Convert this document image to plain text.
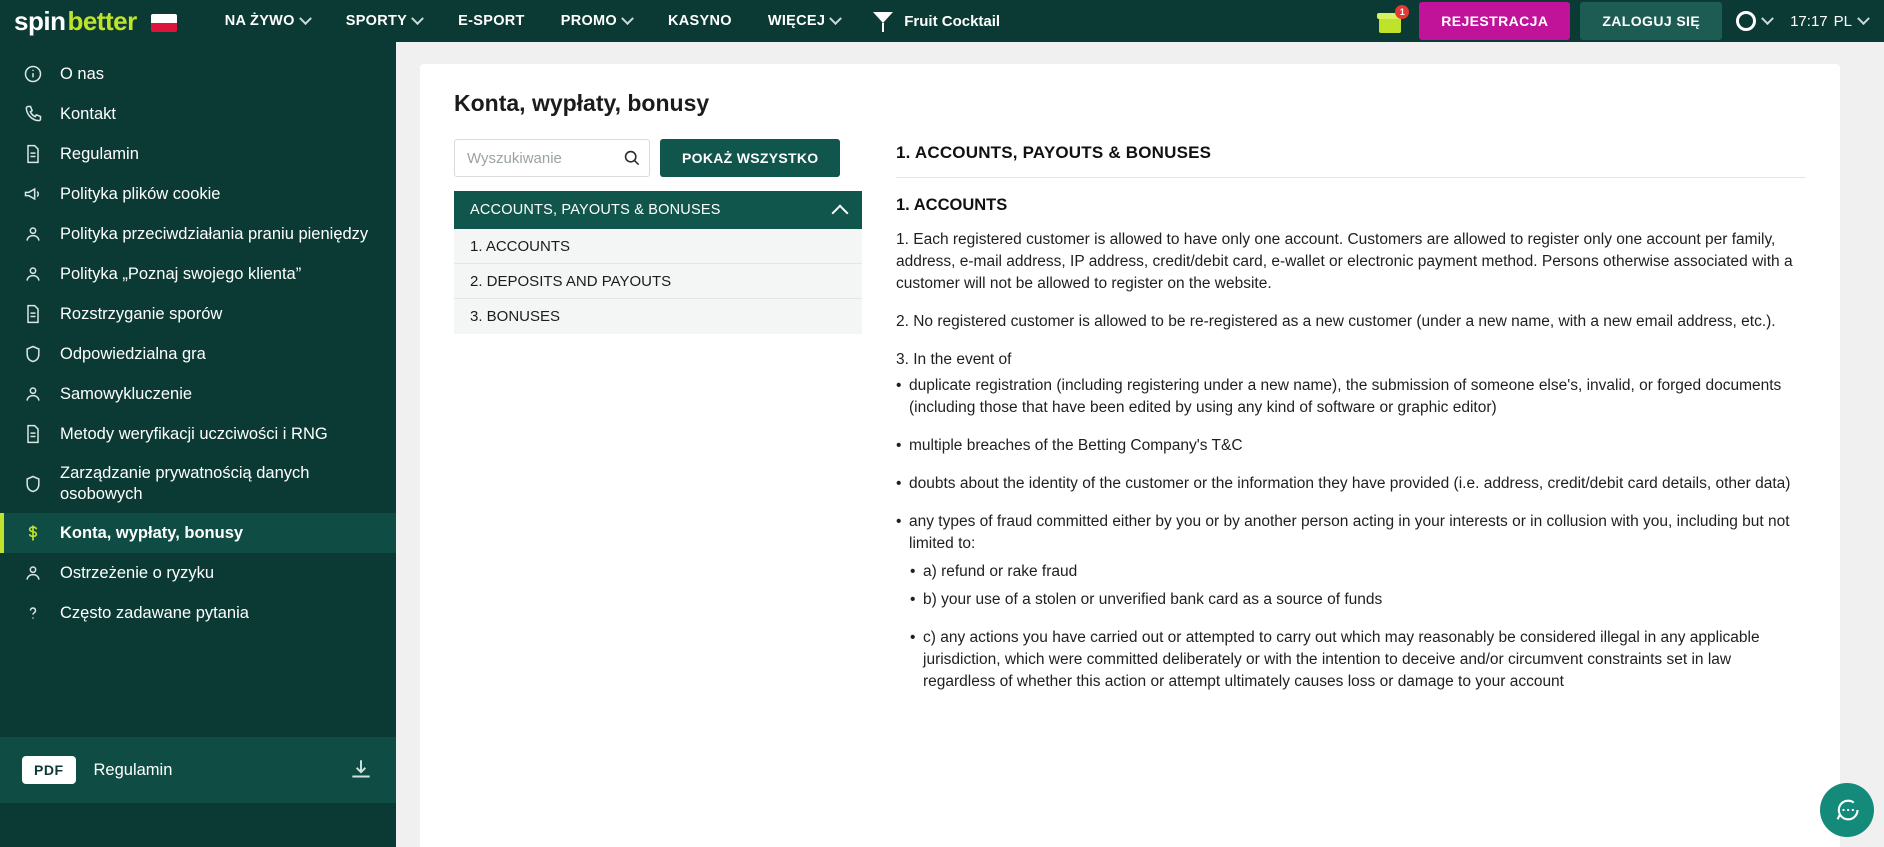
spin better	NA ŻYWO	SPORTY	E-SPORT PROMO	KASYNO WIĘCEJ	Fruit Cocktail
1
REJESTRACJA	ZALOGUJ SIĘ	17:17 PL
O nas
Kontakt
Regulamin
Polityka plików cookie
Polityka przeciwdziałania praniu pieniędzy
Polityka „Poznaj swojego klienta”
Rozstrzyganie sporów
Odpowiedzialna gra
Samowykluczenie
Metody weryfikacji uczciwości i RNG
Zarządzanie prywatnością danych osobowych
Konta, wypłaty, bonusy
Ostrzeżenie o ryzyku
Często zadawane pytania
PDF	Regulamin
Konta, wypłaty, bonusy
Wyszukiwanie
POKAŻ WSZYSTKO
ACCOUNTS, PAYOUTS & BONUSES
1. ACCOUNTS
2. DEPOSITS AND PAYOUTS
3. BONUSES
1. ACCOUNTS, PAYOUTS & BONUSES
1. ACCOUNTS

1. Each registered customer is allowed to have only one account. Customers are allowed to register only one account per family, address, e-mail address, IP address, credit/debit card, e-wallet or electronic payment method. Persons otherwise associated with a customer will not be allowed to register on the website.

2. No registered customer is allowed to be re-registered as a new customer (under a new name, with a new email address, etc.).

3. In the event of

• duplicate registration (including registering under a new name), the submission of someone else's, invalid, or forged documents (including those that have been edited by using any kind of software or graphic editor)

• multiple breaches of the Betting Company's T&C

• doubts about the identity of the customer or the information they have provided (i.e. address, credit/debit card details, other data)

• any types of fraud committed either by you or by another person acting in your interests or in collusion with you, including but not limited to:

• a) refund or rake fraud

• b) your use of a stolen or unverified bank card as a source of funds

• c) any actions you have carried out or attempted to carry out which may reasonably be considered illegal in any applicable jurisdiction, which were committed deliberately or with the intention to deceive and/or circumvent constraints set in law regardless of whether this action or attempt ultimately causes loss or damage to your account
